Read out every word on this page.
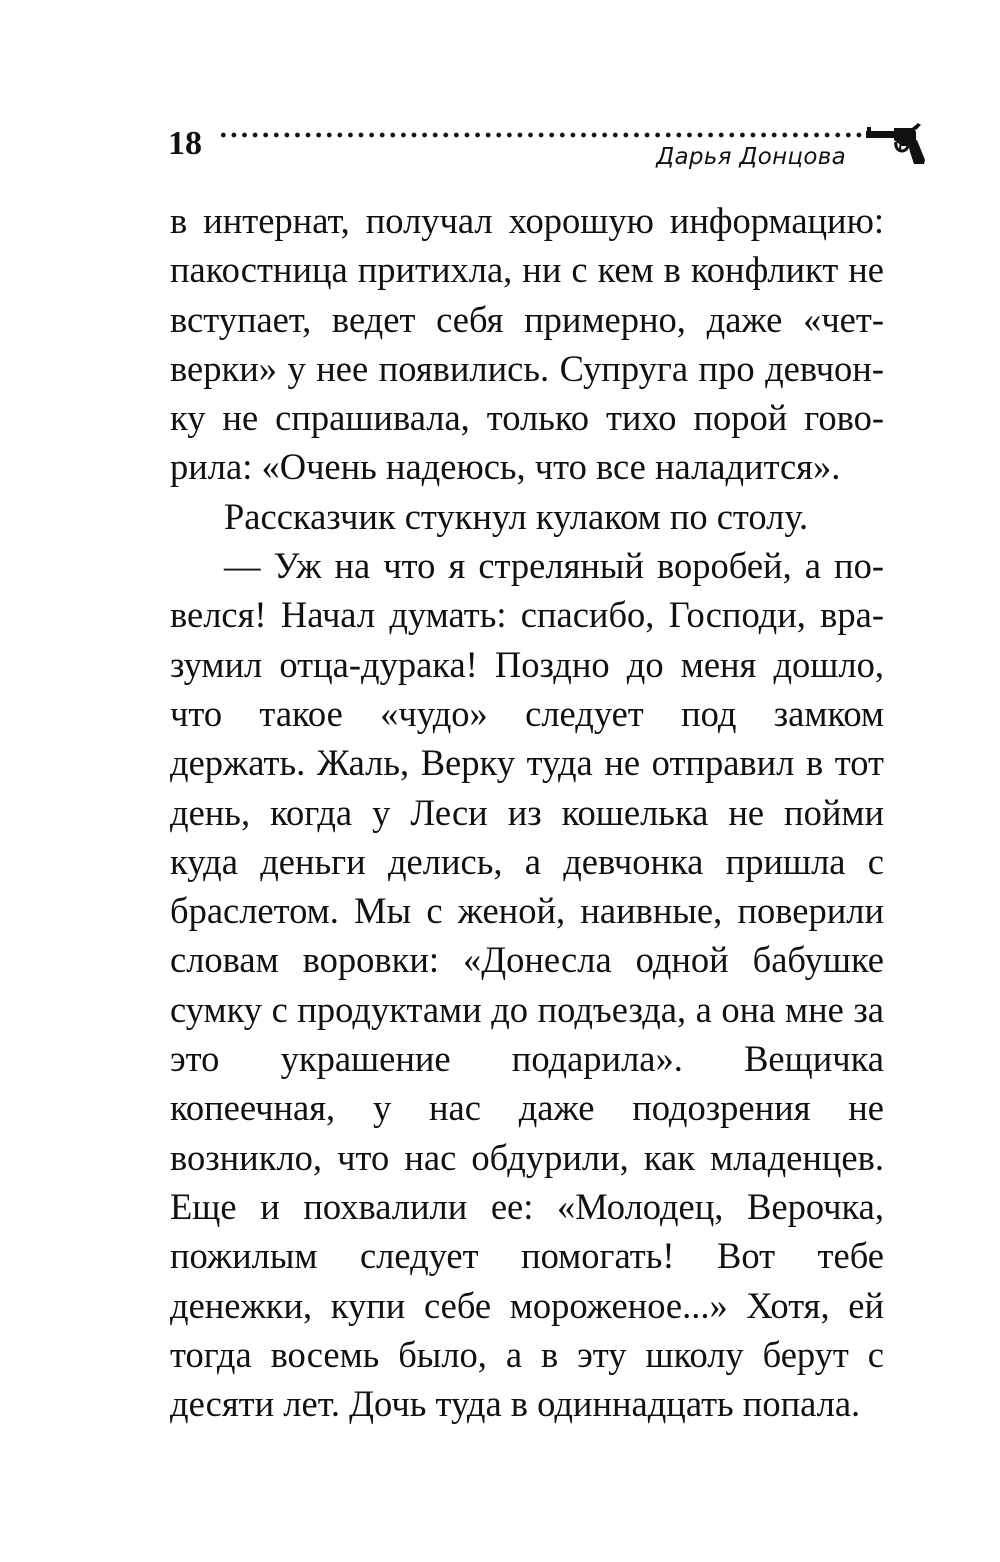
18	Дарья Донцова

в интернат, получал хорошую информацию: пакостница притихла, ни с кем в конфликт не вступает, ведет себя примерно, даже «четверки» у нее появились. Супруга про девчонку не спрашивала, только тихо порой говорила: «Очень надеюсь, что все наладится».

Рассказчик стукнул кулаком по столу.

— Уж на что я стреляный воробей, а повелся! Начал думать: спасибо, Господи, вразумил отца-дурака! Поздно до меня дошло, что такое «чудо» следует под замком держать. Жаль, Верку туда не отправил в тот день, когда у Леси из кошелька не пойми куда деньги делись, а девчонка пришла с браслетом. Мы с женой, наивные, поверили словам воровки: «Донесла одной бабушке сумку с продуктами до подъезда, а она мне за это украшение подарила». Вещичка копеечная, у нас даже подозрения не возникло, что нас обдурили, как младенцев. Еще и похвалили ее: «Молодец, Верочка, пожилым следует помогать! Вот тебе денежки, купи себе мороженое...» Хотя, ей тогда восемь было, а в эту школу берут с десяти лет. Дочь туда в одиннадцать попала.
